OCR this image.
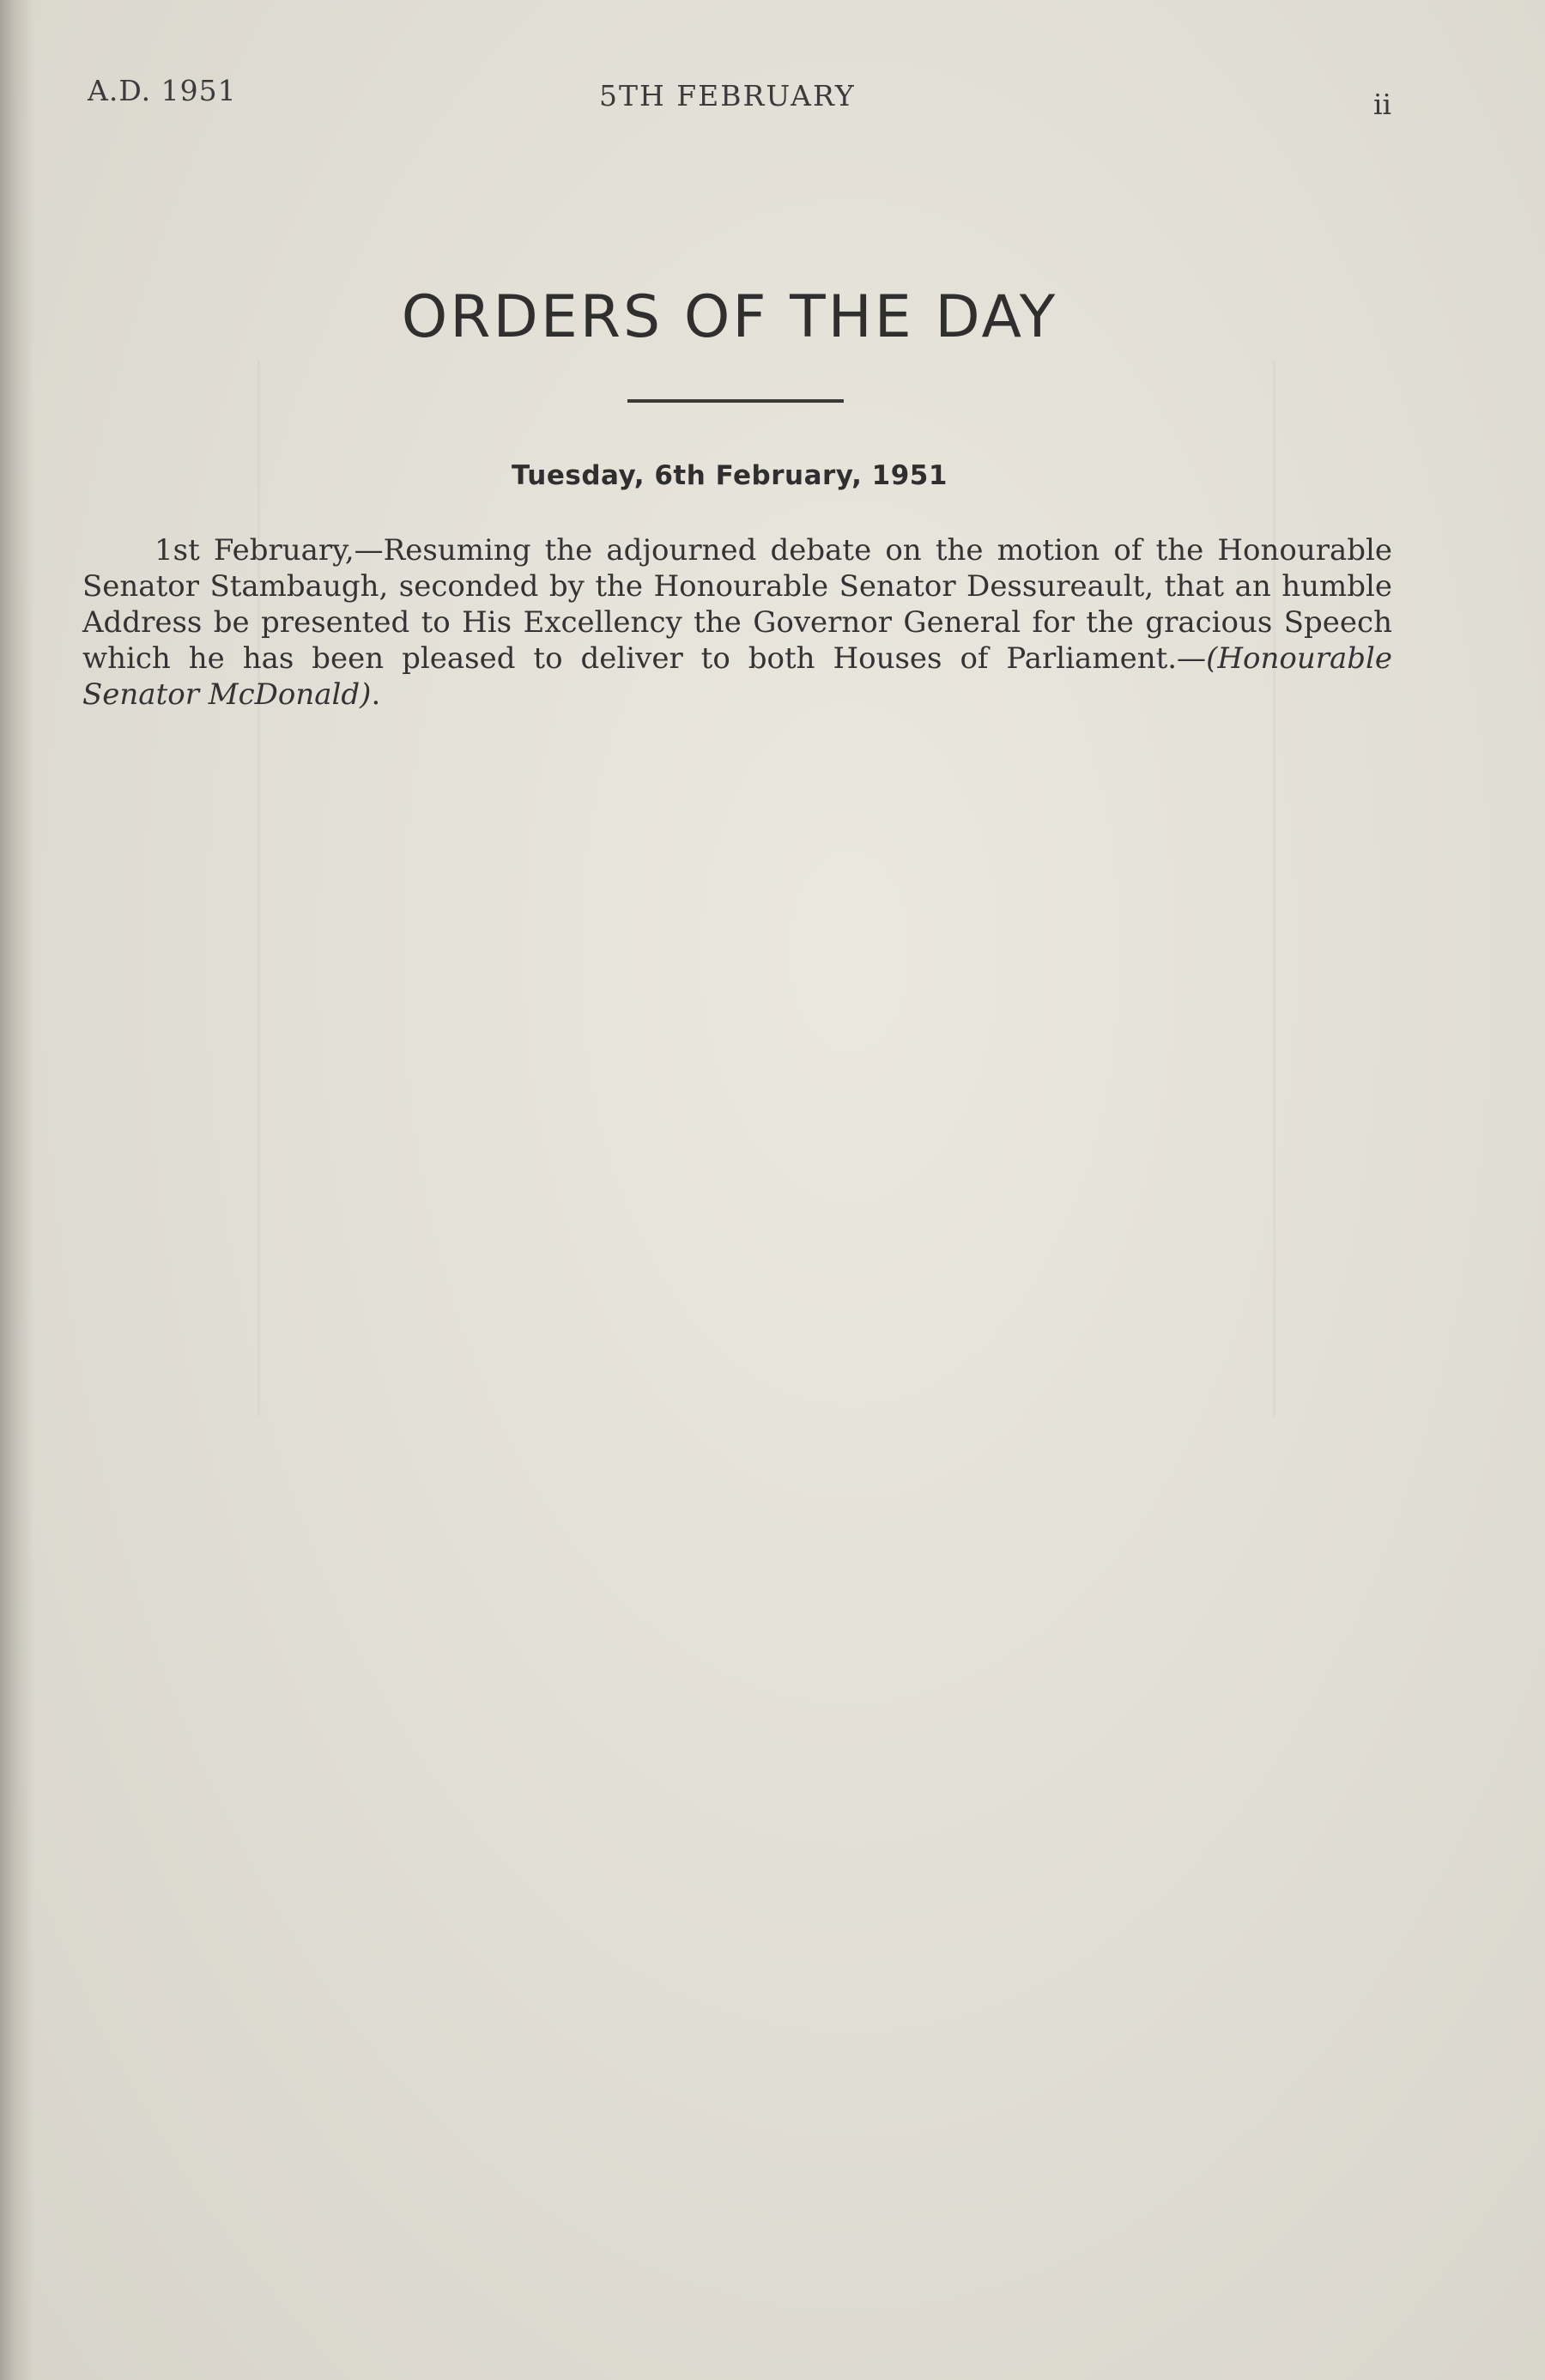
A.D. 1951	5TH FEBRUARY	ii
ORDERS OF THE DAY
Tuesday, 6th February, 1951

1st February,—Resuming the adjourned debate on the motion of the Honourable Senator Stambaugh, seconded by the Honourable Senator Dessureault, that an humble Address be presented to His Excellency the Governor General for the gracious Speech which he has been pleased to deliver to both Houses of Parliament.—(Honourable Senator McDonald).
